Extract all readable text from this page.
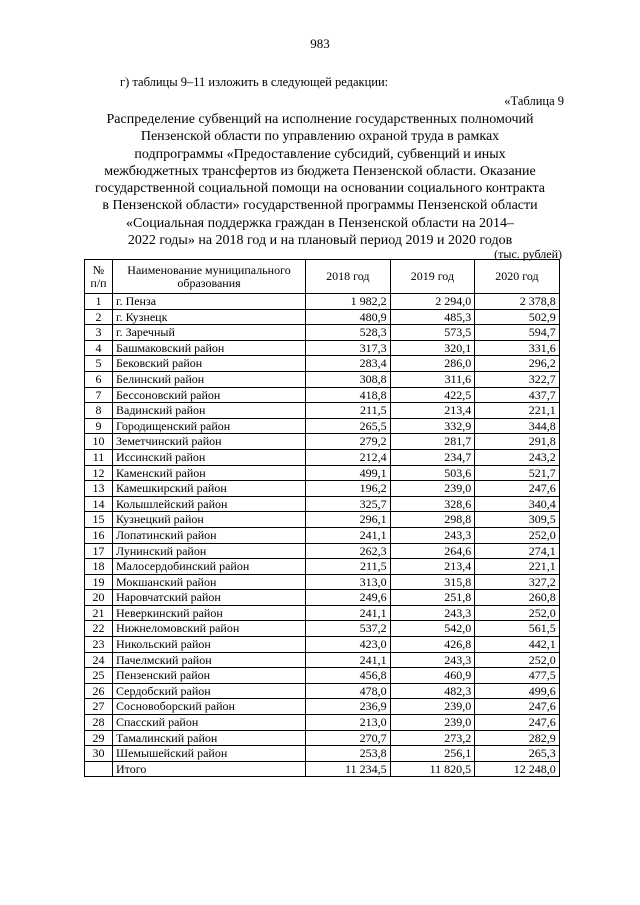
983
г) таблицы 9–11 изложить в следующей редакции:
«Таблица 9
Распределение субвенций на исполнение государственных полномочий
Пензенской области по управлению охраной труда в рамках
подпрограммы «Предоставление субсидий, субвенций и иных
межбюджетных трансфертов из бюджета Пензенской области. Оказание
государственной социальной помощи на основании социального контракта
в Пензенской области» государственной программы Пензенской области
«Социальная поддержка граждан в Пензенской области на 2014–
2022 годы» на 2018 год и на плановый период 2019 и 2020 годов
(тыс. рублей)
№ п/п	Наименование муниципального образования	2018 год	2019 год	2020 год
1	г. Пенза	1 982,2	2 294,0	2 378,8
2	г. Кузнецк	480,9	485,3	502,9
3	г. Заречный	528,3	573,5	594,7
4	Башмаковский район	317,3	320,1	331,6
5	Бековский район	283,4	286,0	296,2
6	Белинский район	308,8	311,6	322,7
7	Бессоновский район	418,8	422,5	437,7
8	Вадинский район	211,5	213,4	221,1
9	Городищенский район	265,5	332,9	344,8
10	Земетчинский район	279,2	281,7	291,8
11	Иссинский район	212,4	234,7	243,2
12	Каменский район	499,1	503,6	521,7
13	Камешкирский район	196,2	239,0	247,6
14	Колышлейский район	325,7	328,6	340,4
15	Кузнецкий район	296,1	298,8	309,5
16	Лопатинский район	241,1	243,3	252,0
17	Лунинский район	262,3	264,6	274,1
18	Малосердобинский район	211,5	213,4	221,1
19	Мокшанский район	313,0	315,8	327,2
20	Наровчатский район	249,6	251,8	260,8
21	Неверкинский район	241,1	243,3	252,0
22	Нижнеломовский район	537,2	542,0	561,5
23	Никольский район	423,0	426,8	442,1
24	Пачелмский район	241,1	243,3	252,0
25	Пензенский район	456,8	460,9	477,5
26	Сердобский район	478,0	482,3	499,6
27	Сосновоборский район	236,9	239,0	247,6
28	Спасский район	213,0	239,0	247,6
29	Тамалинский район	270,7	273,2	282,9
30	Шемышейский район	253,8	256,1	265,3
	Итого	11 234,5	11 820,5	12 248,0
